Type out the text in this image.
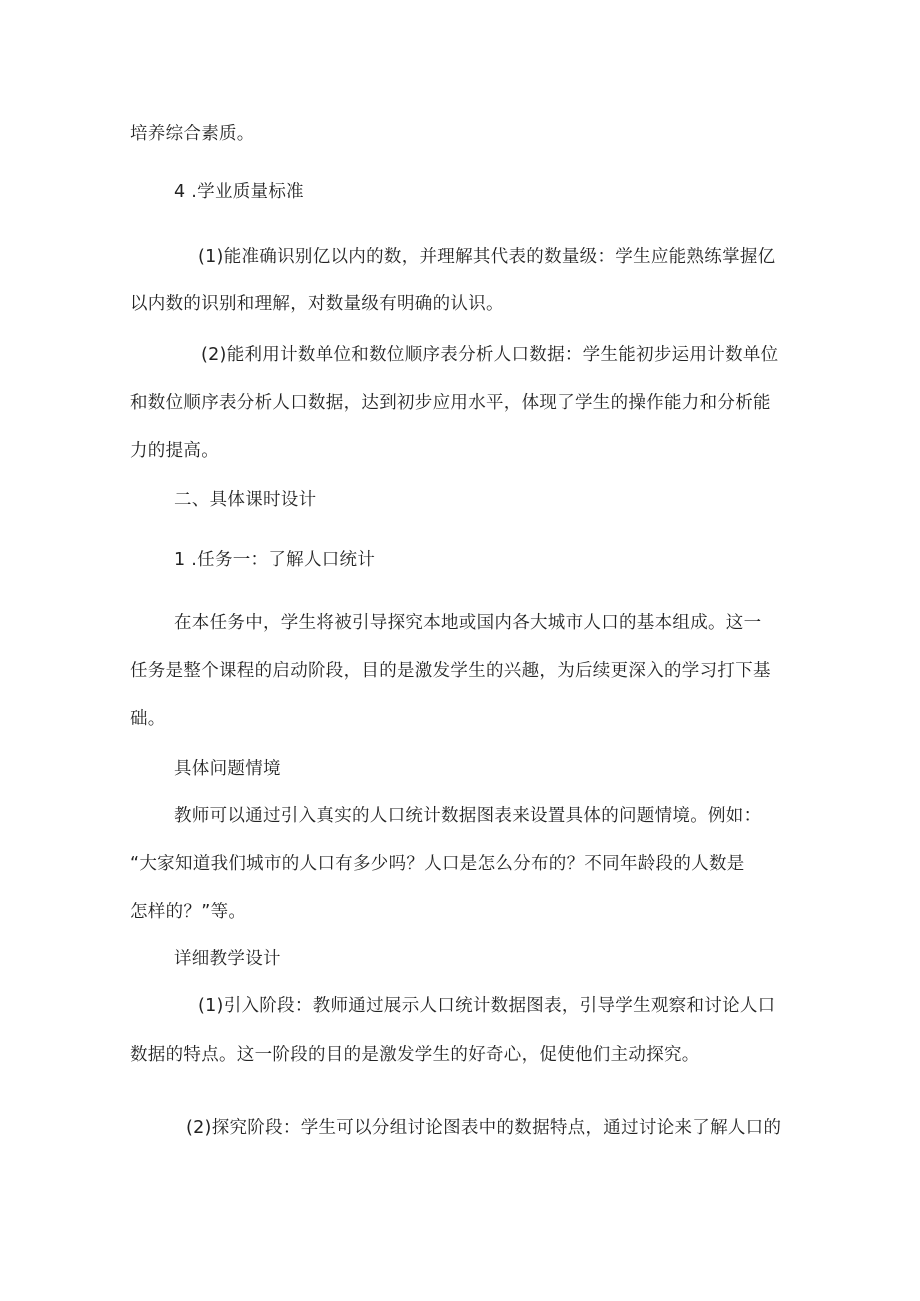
培养综合素质。
4 .学业质量标准
(1)能准确识别亿以内的数，并理解其代表的数量级：学生应能熟练掌握亿
以内数的识别和理解，对数量级有明确的认识。
(2)能利用计数单位和数位顺序表分析人口数据：学生能初步运用计数单位
和数位顺序表分析人口数据，达到初步应用水平，体现了学生的操作能力和分析能
力的提高。
二、具体课时设计
1 .任务一：了解人口统计
在本任务中，学生将被引导探究本地或国内各大城市人口的基本组成。这一
任务是整个课程的启动阶段，目的是激发学生的兴趣，为后续更深入的学习打下基
础。
具体问题情境
教师可以通过引入真实的人口统计数据图表来设置具体的问题情境。例如：
“大家知道我们城市的人口有多少吗？人口是怎么分布的？不同年龄段的人数是
怎样的？”等。
详细教学设计
(1)引入阶段：教师通过展示人口统计数据图表，引导学生观察和讨论人口
数据的特点。这一阶段的目的是激发学生的好奇心，促使他们主动探究。
(2)探究阶段：学生可以分组讨论图表中的数据特点，通过讨论来了解人口的
